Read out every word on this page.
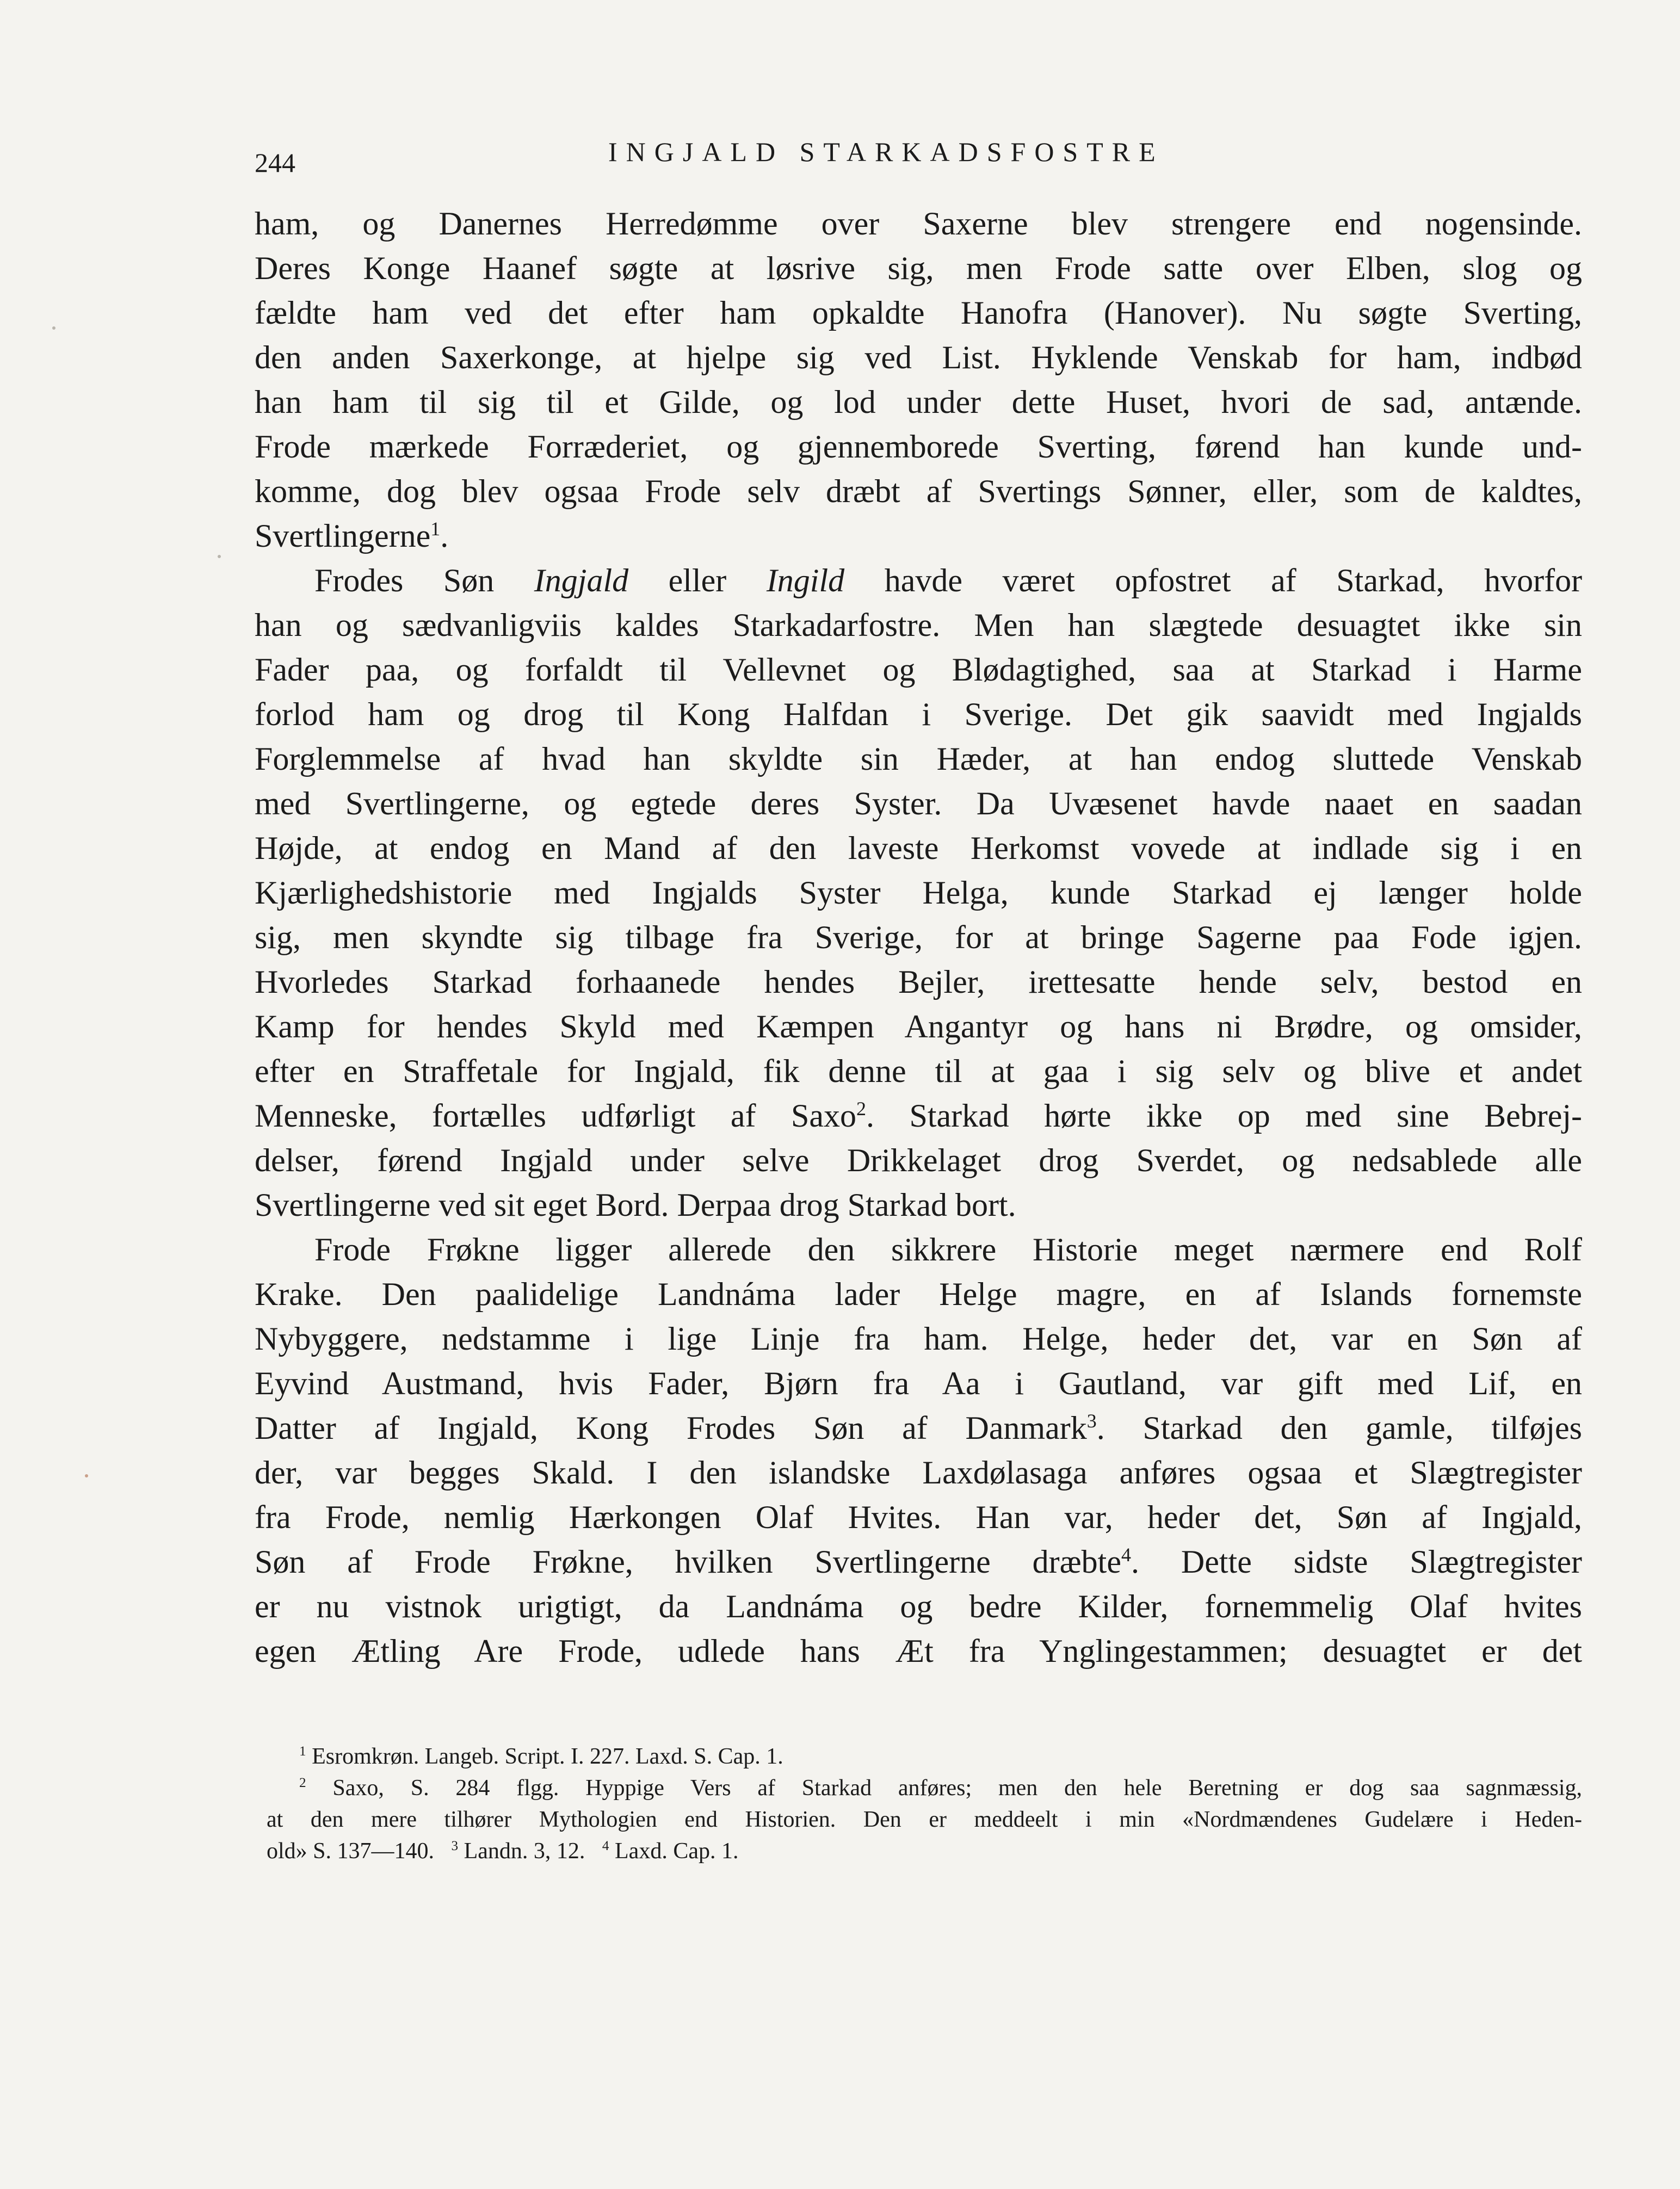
244	INGJALD STARKADSFOSTRE
ham, og Danernes Herredømme over Saxerne blev strengere end nogensinde.
Deres Konge Haanef søgte at løsrive sig, men Frode satte over Elben, slog og
fældte ham ved det efter ham opkaldte Hanofra (Hanover). Nu søgte Sverting,
den anden Saxerkonge, at hjelpe sig ved List. Hyklende Venskab for ham, indbød
han ham til sig til et Gilde, og lod under dette Huset, hvori de sad, antænde.
Frode mærkede Forræderiet, og gjennemborede Sverting, førend han kunde und-
komme, dog blev ogsaa Frode selv dræbt af Svertings Sønner, eller, som de kaldtes,
Svertlingerne$^1$.
Frodes Søn Ingjald eller Ingild havde været opfostret af Starkad, hvorfor
han og sædvanligviis kaldes Starkadarfostre. Men han slægtede desuagtet ikke sin
Fader paa, og forfaldt til Vellevnet og Blødagtighed, saa at Starkad i Harme
forlod ham og drog til Kong Halfdan i Sverige. Det gik saavidt med Ingjalds
Forglemmelse af hvad han skyldte sin Hæder, at han endog sluttede Venskab
med Svertlingerne, og egtede deres Syster. Da Uvæsenet havde naaet en saadan
Højde, at endog en Mand af den laveste Herkomst vovede at indlade sig i en
Kjærlighedshistorie med Ingjalds Syster Helga, kunde Starkad ej længer holde
sig, men skyndte sig tilbage fra Sverige, for at bringe Sagerne paa Fode igjen.
Hvorledes Starkad forhaanede hendes Bejler, irettesatte hende selv, bestod en
Kamp for hendes Skyld med Kæmpen Angantyr og hans ni Brødre, og omsider,
efter en Straffetale for Ingjald, fik denne til at gaa i sig selv og blive et andet
Menneske, fortælles udførligt af Saxo$^2$. Starkad hørte ikke op med sine Bebrej-
delser, førend Ingjald under selve Drikkelaget drog Sverdet, og nedsablede alle
Svertlingerne ved sit eget Bord. Derpaa drog Starkad bort.
Frode Frøkne ligger allerede den sikkrere Historie meget nærmere end Rolf
Krake. Den paalidelige Landnáma lader Helge magre, en af Islands fornemste
Nybyggere, nedstamme i lige Linje fra ham. Helge, heder det, var en Søn af
Eyvind Austmand, hvis Fader, Bjørn fra Aa i Gautland, var gift med Lif, en
Datter af Ingjald, Kong Frodes Søn af Danmark$^3$. Starkad den gamle, tilføjes
der, var begges Skald. I den islandske Laxdølasaga anføres ogsaa et Slægtregister
fra Frode, nemlig Hærkongen Olaf Hvites. Han var, heder det, Søn af Ingjald,
Søn af Frode Frøkne, hvilken Svertlingerne dræbte$^4$. Dette sidste Slægtregister
er nu vistnok urigtigt, da Landnáma og bedre Kilder, fornemmelig Olaf hvites
egen Ætling Are Frode, udlede hans Æt fra Ynglingestammen; desuagtet er det
$^1$ Esromkrøn. Langeb. Script. I. 227. Laxd. S. Cap. 1.
$^2$ Saxo, S. 284 flgg. Hyppige Vers af Starkad anføres; men den hele Beretning er dog saa sagnmæssig,
at den mere tilhører Mythologien end Historien. Den er meddeelt i min «Nordmændenes Gudelære i Heden-
old» S. 137—140. $^3$ Landn. 3, 12. $^4$ Laxd. Cap. 1.
